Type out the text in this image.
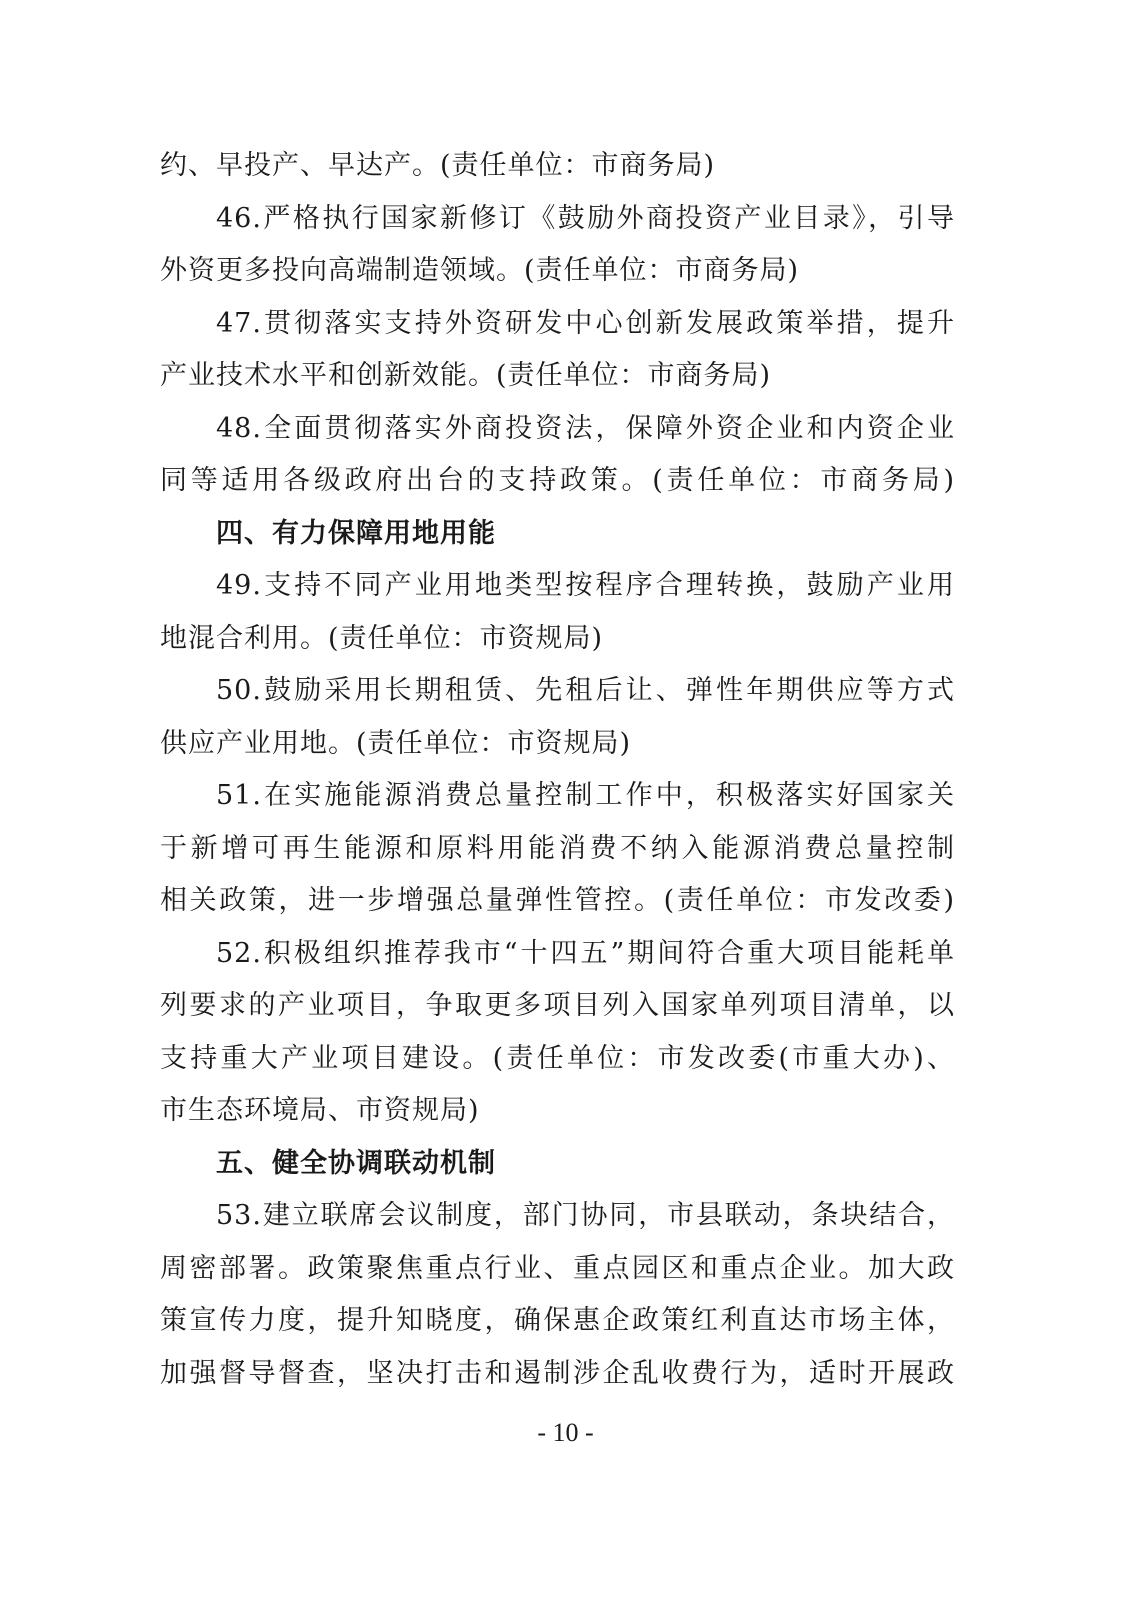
约、早投产、早达产。(责任单位：市商务局)
46.严格执行国家新修订《鼓励外商投资产业目录》，引导
外资更多投向高端制造领域。(责任单位：市商务局)
47.贯彻落实支持外资研发中心创新发展政策举措，提升
产业技术水平和创新效能。(责任单位：市商务局)
48.全面贯彻落实外商投资法，保障外资企业和内资企业
同等适用各级政府出台的支持政策。(责任单位：市商务局)
四、有力保障用地用能
49.支持不同产业用地类型按程序合理转换，鼓励产业用
地混合利用。(责任单位：市资规局)
50.鼓励采用长期租赁、先租后让、弹性年期供应等方式
供应产业用地。(责任单位：市资规局)
51.在实施能源消费总量控制工作中，积极落实好国家关
于新增可再生能源和原料用能消费不纳入能源消费总量控制
相关政策，进一步增强总量弹性管控。(责任单位：市发改委)
52.积极组织推荐我市“十四五”期间符合重大项目能耗单
列要求的产业项目，争取更多项目列入国家单列项目清单，以
支持重大产业项目建设。(责任单位：市发改委(市重大办)、
市生态环境局、市资规局)
五、健全协调联动机制
53.建立联席会议制度，部门协同，市县联动，条块结合，
周密部署。政策聚焦重点行业、重点园区和重点企业。加大政
策宣传力度，提升知晓度，确保惠企政策红利直达市场主体，
加强督导督查，坚决打击和遏制涉企乱收费行为，适时开展政
- 10 -
